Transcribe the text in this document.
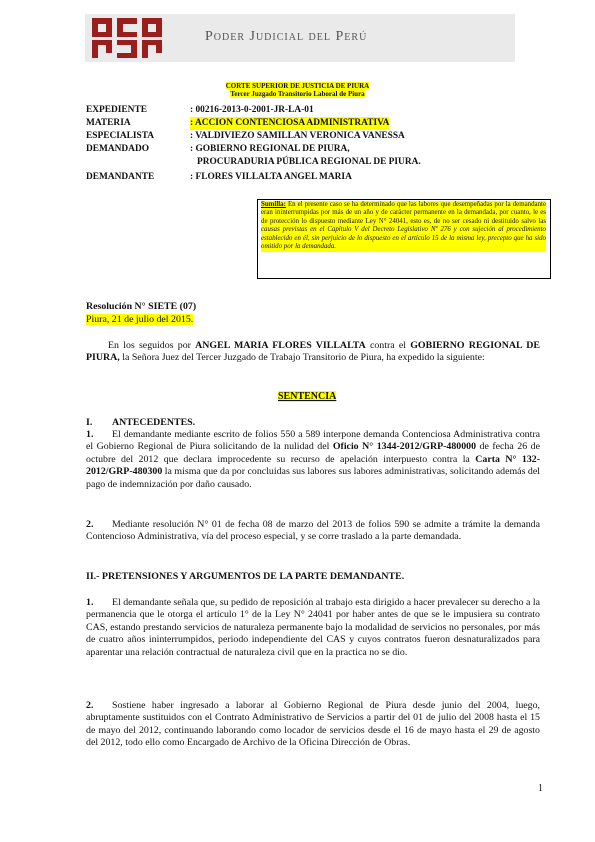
Poder Judicial del Perú
CORTE SUPERIOR DE JUSTICIA DE PIURA
Tercer Juzgado Transitorio Laboral de Piura
EXPEDIENTE	: 00216-2013-0-2001-JR-LA-01
MATERIA	: ACCION CONTENCIOSA ADMINISTRATIVA
ESPECIALISTA	: VALDIVIEZO SAMILLAN VERONICA VANESSA
DEMANDADO	: GOBIERNO REGIONAL DE PIURA,
PROCURADURIA PÚBLICA REGIONAL DE PIURA.
DEMANDANTE	: FLORES VILLALTA ANGEL MARIA
Sumilla: En el presente caso se ha determinado que las labores que desempeñadas por la demandante eran ininterrumpidas por más de un año y de carácter permanente en la demandada, por cuanto, le es de protección lo dispuesto mediante Ley N° 24041, esto es, de no ser cesado ni destituido salvo las causas previstas en el Capítulo V del Decreto Legislativo Nº 276 y con sujeción al procedimiento establecido en él, sin perjuicio de lo dispuesto en el artículo 15 de la misma ley, precepto que ha sido omitido por la demandada.
Resolución N° SIETE (07)
Piura, 21 de julio del 2015.
En los seguidos por ANGEL MARIA FLORES VILLALTA contra el GOBIERNO REGIONAL DE PIURA, la Señora Juez del Tercer Juzgado de Trabajo Transitorio de Piura, ha expedido la siguiente:
SENTENCIA
I. ANTECEDENTES.
1. El demandante mediante escrito de folios 550 a 589 interpone demanda Contenciosa Administrativa contra el Gobierno Regional de Piura solicitando de la nulidad del Oficio N° 1344-2012/GRP-480000 de fecha 26 de octubre del 2012 que declara improcedente su recurso de apelación interpuesto contra la Carta N° 132-2012/GRP-480300 la misma que da por concluidas sus labores sus labores administrativas, solicitando además del pago de indemnización por daño causado.
2. Mediante resolución N° 01 de fecha 08 de marzo del 2013 de folios 590 se admite a trámite la demanda Contencioso Administrativa, vía del proceso especial, y se corre traslado a la parte demandada.
II.- PRETENSIONES Y ARGUMENTOS DE LA PARTE DEMANDANTE.
1. El demandante señala que, su pedido de reposición al trabajo esta dirigido a hacer prevalecer su derecho a la permanencia que le otorga el artículo 1° de la Ley N° 24041 por haber antes de que se le impusiera su contrato CAS, estando prestando servicios de naturaleza permanente bajo la modalidad de servicios no personales, por más de cuatro años ininterrumpidos, periodo independiente del CAS y cuyos contratos fueron desnaturalizados para aparentar una relación contractual de naturaleza civil que en la practica no se dio.
2. Sostiene haber ingresado a laborar al Gobierno Regional de Piura desde junio del 2004, luego, abruptamente sustituidos con el Contrato Administrativo de Servicios a partir del 01 de julio del 2008 hasta el 15 de mayo del 2012, continuando laborando como locador de servicios desde el 16 de mayo hasta el 29 de agosto del 2012, todo ello como Encargado de Archivo de la Oficina Dirección de Obras.
1
